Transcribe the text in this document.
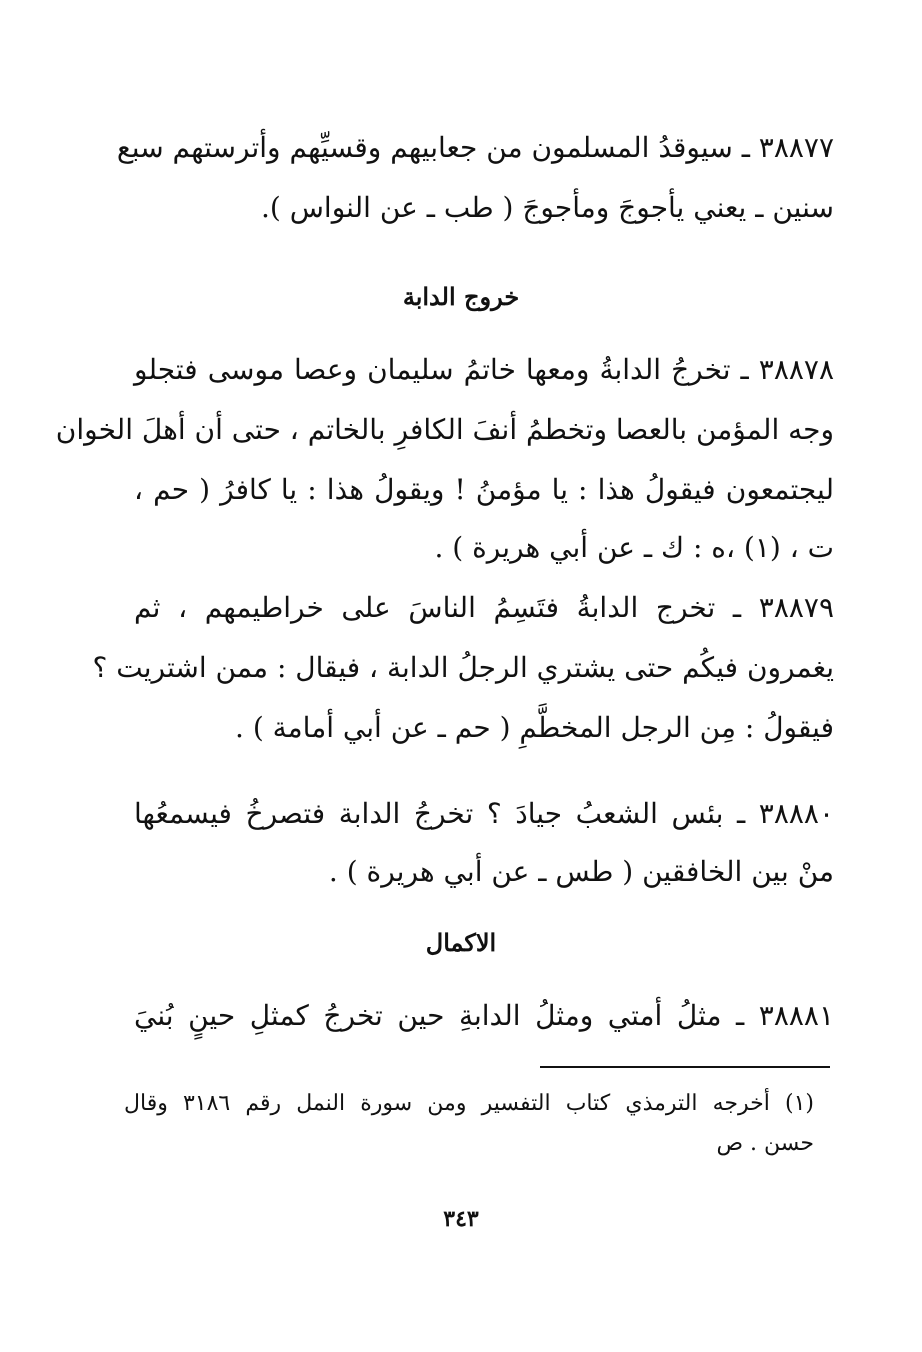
٣٨٨٧٧ ـ سيوقدُ المسلمون من جعابيهم وقسيِّهم وأترستهم سبع
سنين ـ يعني يأجوجَ ومأجوجَ ( طب ـ عن النواس ).
خروج الدابة
٣٨٨٧٨ ـ تخرجُ الدابةُ ومعها خاتمُ سليمان وعصا موسى فتجلو
وجه المؤمن بالعصا وتخطمُ أنفَ الكافرِ بالخاتم ، حتى أن أهلَ الخوان
ليجتمعون فيقولُ هذا : يا مؤمنُ ! ويقولُ هذا : يا كافرُ ( حم ،
ت ، (١) ،ه : ك ـ عن أبي هريرة ) .
٣٨٨٧٩ ـ تخرج الدابةُ فتَسِمُ الناسَ على خراطيمهم ، ثم
يغمرون فيكُم حتى يشتري الرجلُ الدابة ، فيقال : ممن اشتريت ؟
فيقولُ : مِن الرجل المخطَّمِ ( حم ـ عن أبي أمامة ) .
٣٨٨٨٠ ـ بئس الشعبُ جيادَ ؟ تخرجُ الدابة فتصرخُ فيسمعُها
منْ بين الخافقين ( طس ـ عن أبي هريرة ) .
الاكمال
٣٨٨٨١ ـ مثلُ أمتي ومثلُ الدابةِ حين تخرجُ كمثلِ حينٍ بُنيَ
(١) أخرجه الترمذي كتاب التفسير ومن سورة النمل رقم ٣١٨٦ وقال
حسن . ص
٣٤٣
